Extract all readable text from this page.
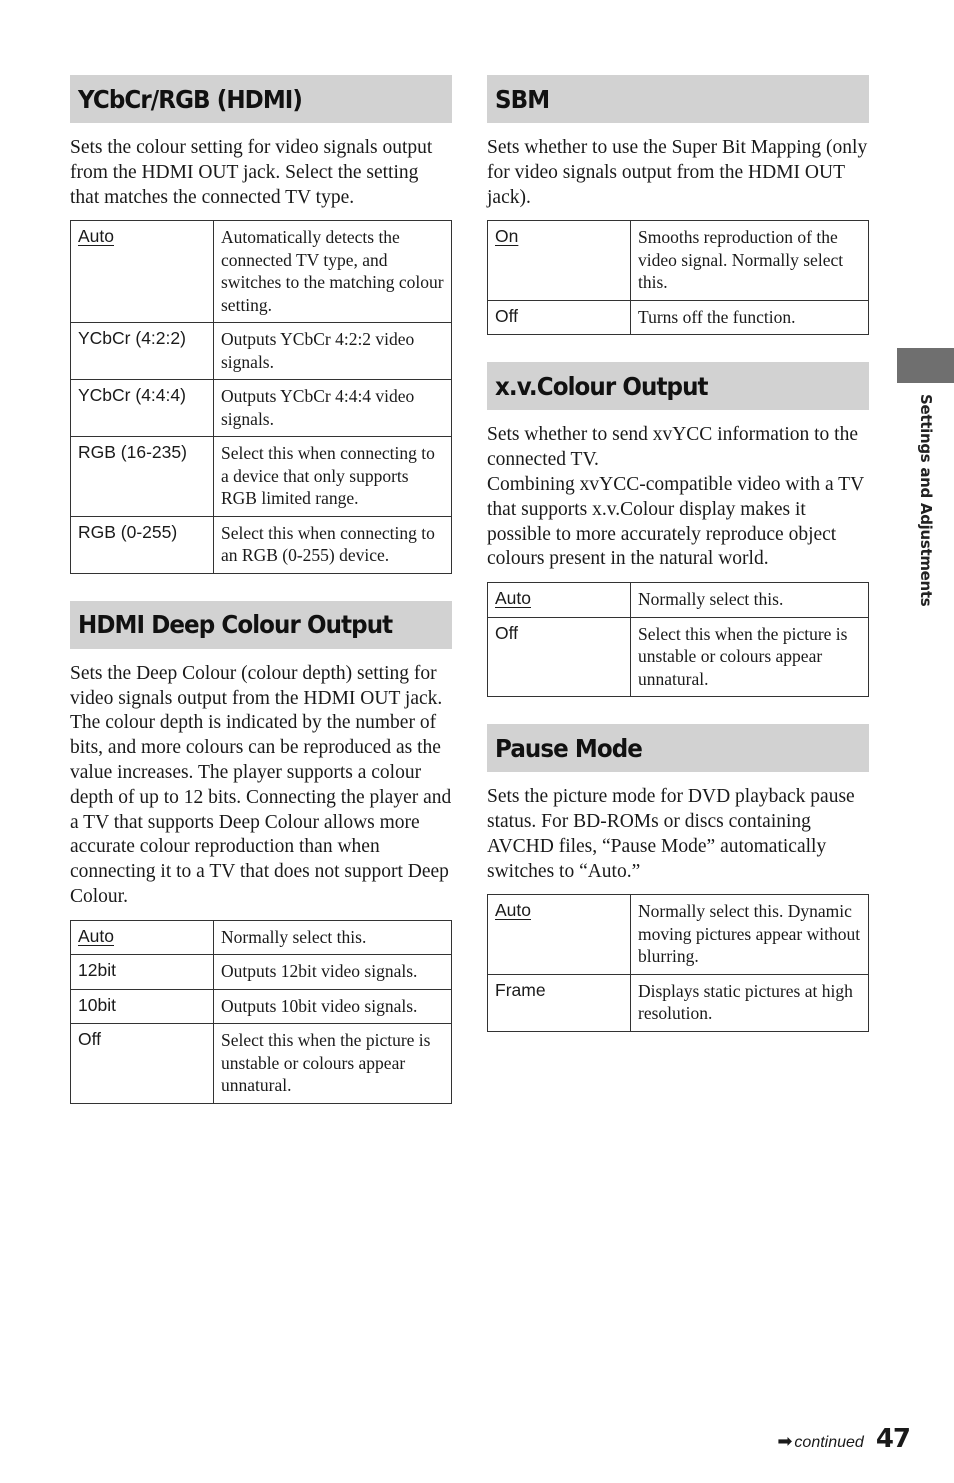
YCbCr/RGB (HDMI)

Sets the colour setting for video signals output from the HDMI OUT jack. Select the setting that matches the connected TV type.

Auto	Automatically detects the connected TV type, and switches to the matching colour setting.
YCbCr (4:2:2)	Outputs YCbCr 4:2:2 video signals.
YCbCr (4:4:4)	Outputs YCbCr 4:4:4 video signals.
RGB (16-235)	Select this when connecting to a device that only supports RGB limited range.
RGB (0-255)	Select this when connecting to an RGB (0-255) device.
HDMI Deep Colour Output

Sets the Deep Colour (colour depth) setting for video signals output from the HDMI OUT jack.

The colour depth is indicated by the number of bits, and more colours can be reproduced as the value increases. The player supports a colour depth of up to 12 bits. Connecting the player and a TV that supports Deep Colour allows more accurate colour reproduction than when connecting it to a TV that does not support Deep Colour.

Auto	Normally select this.
12bit	Outputs 12bit video signals.
10bit	Outputs 10bit video signals.
Off	Select this when the picture is unstable or colours appear unnatural.
SBM

Sets whether to use the Super Bit Mapping (only for video signals output from the HDMI OUT jack).

On	Smooths reproduction of the video signal. Normally select this.
Off	Turns off the function.
x.v.Colour Output

Sets whether to send xvYCC information to the connected TV.

Combining xvYCC-compatible video with a TV that supports x.v.Colour display makes it possible to more accurately reproduce object colours present in the natural world.

Auto	Normally select this.
Off	Select this when the picture is unstable or colours appear unnatural.
Pause Mode

Sets the picture mode for DVD playback pause status. For BD-ROMs or discs containing AVCHD files, “Pause Mode” automatically switches to “Auto.”

Auto	Normally select this. Dynamic moving pictures appear without blurring.
Frame	Displays static pictures at high resolution.
Settings and Adjustments
➡ continued 47
